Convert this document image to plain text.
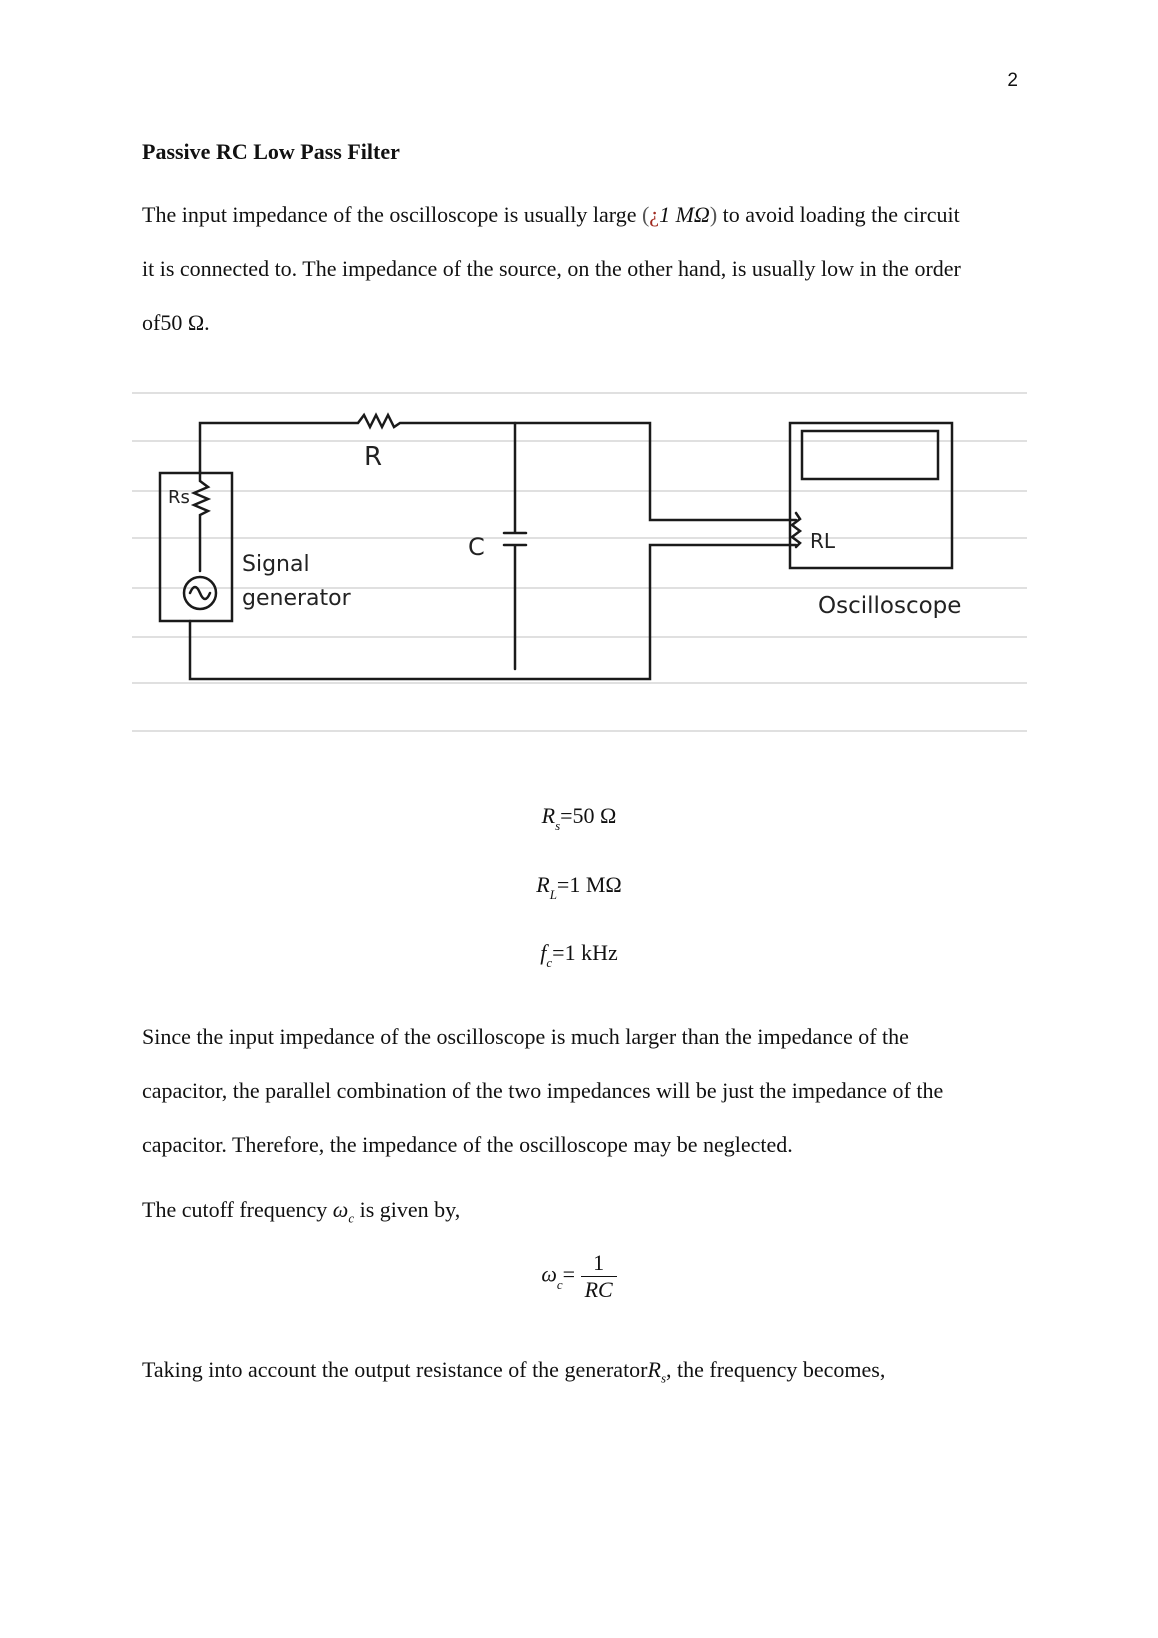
2
Passive RC Low Pass Filter
The input impedance of the oscilloscope is usually large (¿1 MΩ) to avoid loading the circuit
it is connected to. The impedance of the source, on the other hand, is usually low in the order
of50 Ω.
R
Rs
C	RL
Signal
generator	Oscilloscope
$R_s=50$ Ω
$R_L=1$ MΩ
$f_c=1$ kHz
Since the input impedance of the oscilloscope is much larger than the impedance of the
capacitor, the parallel combination of the two impedances will be just the impedance of the
capacitor. Therefore, the impedance of the oscilloscope may be neglected.
The cutoff frequency $\omega_c$ is given by,
$\omega_c= \frac{1}{RC}$
Taking into account the output resistance of the generatorR$_s$, the frequency becomes,
